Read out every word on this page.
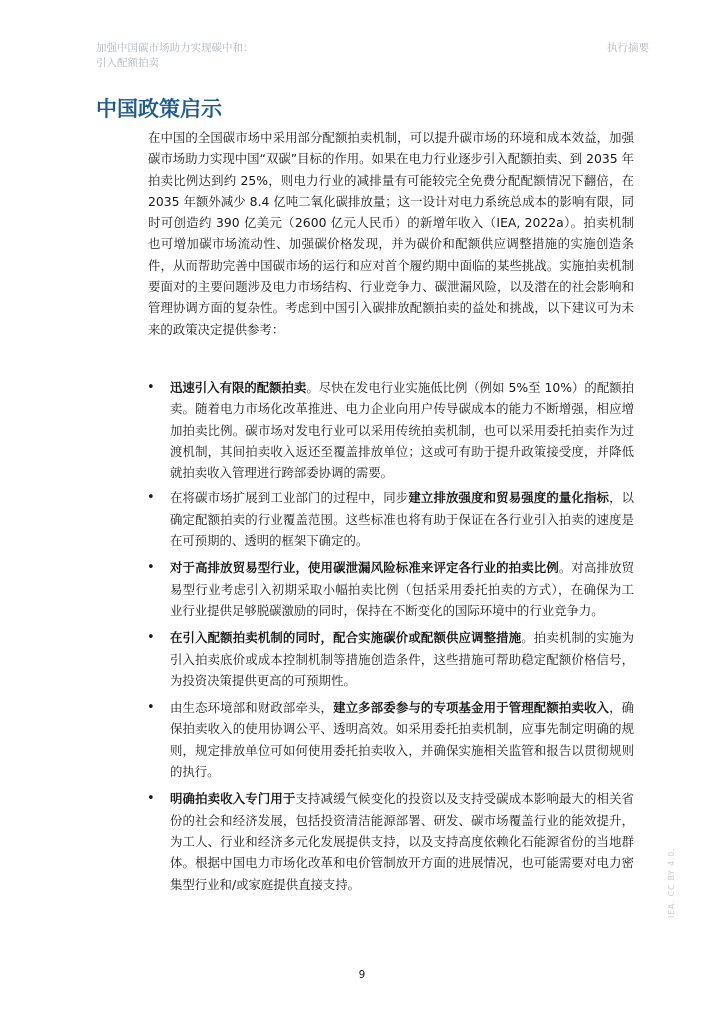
加强中国碳市场助力实现碳中和：
引入配额拍卖
执行摘要
中国政策启示

在中国的全国碳市场中采用部分配额拍卖机制，可以提升碳市场的环境和成本效益，加强碳市场助力实现中国“双碳”目标的作用。如果在电力行业逐步引入配额拍卖、到 2035 年拍卖比例达到约 25%，则电力行业的减排量有可能较完全免费分配配额情况下翻倍，在 2035 年额外减少 8.4 亿吨二氧化碳排放量；这一设计对电力系统总成本的影响有限，同时可创造约 390 亿美元（2600 亿元人民币）的新增年收入（IEA, 2022a）。拍卖机制也可增加碳市场流动性、加强碳价格发现，并为碳价和配额供应调整措施的实施创造条件，从而帮助完善中国碳市场的运行和应对首个履约期中面临的某些挑战。实施拍卖机制要面对的主要问题涉及电力市场结构、行业竞争力、碳泄漏风险，以及潜在的社会影响和管理协调方面的复杂性。考虑到中国引入碳排放配额拍卖的益处和挑战，以下建议可为未来的政策决定提供参考：

• 迅速引入有限的配额拍卖。尽快在发电行业实施低比例（例如 5%至 10%）的配额拍卖。随着电力市场化改革推进、电力企业向用户传导碳成本的能力不断增强，相应增加拍卖比例。碳市场对发电行业可以采用传统拍卖机制，也可以采用委托拍卖作为过渡机制，其间拍卖收入返还至覆盖排放单位；这或可有助于提升政策接受度，并降低就拍卖收入管理进行跨部委协调的需要。
• 在将碳市场扩展到工业部门的过程中，同步建立排放强度和贸易强度的量化指标，以确定配额拍卖的行业覆盖范围。这些标准也将有助于保证在各行业引入拍卖的速度是在可预期的、透明的框架下确定的。
• 对于高排放贸易型行业，使用碳泄漏风险标准来评定各行业的拍卖比例。对高排放贸易型行业考虑引入初期采取小幅拍卖比例（包括采用委托拍卖的方式），在确保为工业行业提供足够脱碳激励的同时，保持在不断变化的国际环境中的行业竞争力。
• 在引入配额拍卖机制的同时，配合实施碳价或配额供应调整措施。拍卖机制的实施为引入拍卖底价或成本控制机制等措施创造条件，这些措施可帮助稳定配额价格信号，为投资决策提供更高的可预期性。
• 由生态环境部和财政部牵头，建立多部委参与的专项基金用于管理配额拍卖收入，确保拍卖收入的使用协调公平、透明高效。如采用委托拍卖机制，应事先制定明确的规则，规定排放单位可如何使用委托拍卖收入，并确保实施相关监管和报告以贯彻规则的执行。
• 明确拍卖收入专门用于支持减缓气候变化的投资以及支持受碳成本影响最大的相关省份的社会和经济发展，包括投资清洁能源部署、研发、碳市场覆盖行业的能效提升，为工人、行业和经济多元化发展提供支持，以及支持高度依赖化石能源省份的当地群体。根据中国电力市场化改革和电价管制放开方面的进展情况，也可能需要对电力密集型行业和/或家庭提供直接支持。
9
IEA. CC BY 4.0.
